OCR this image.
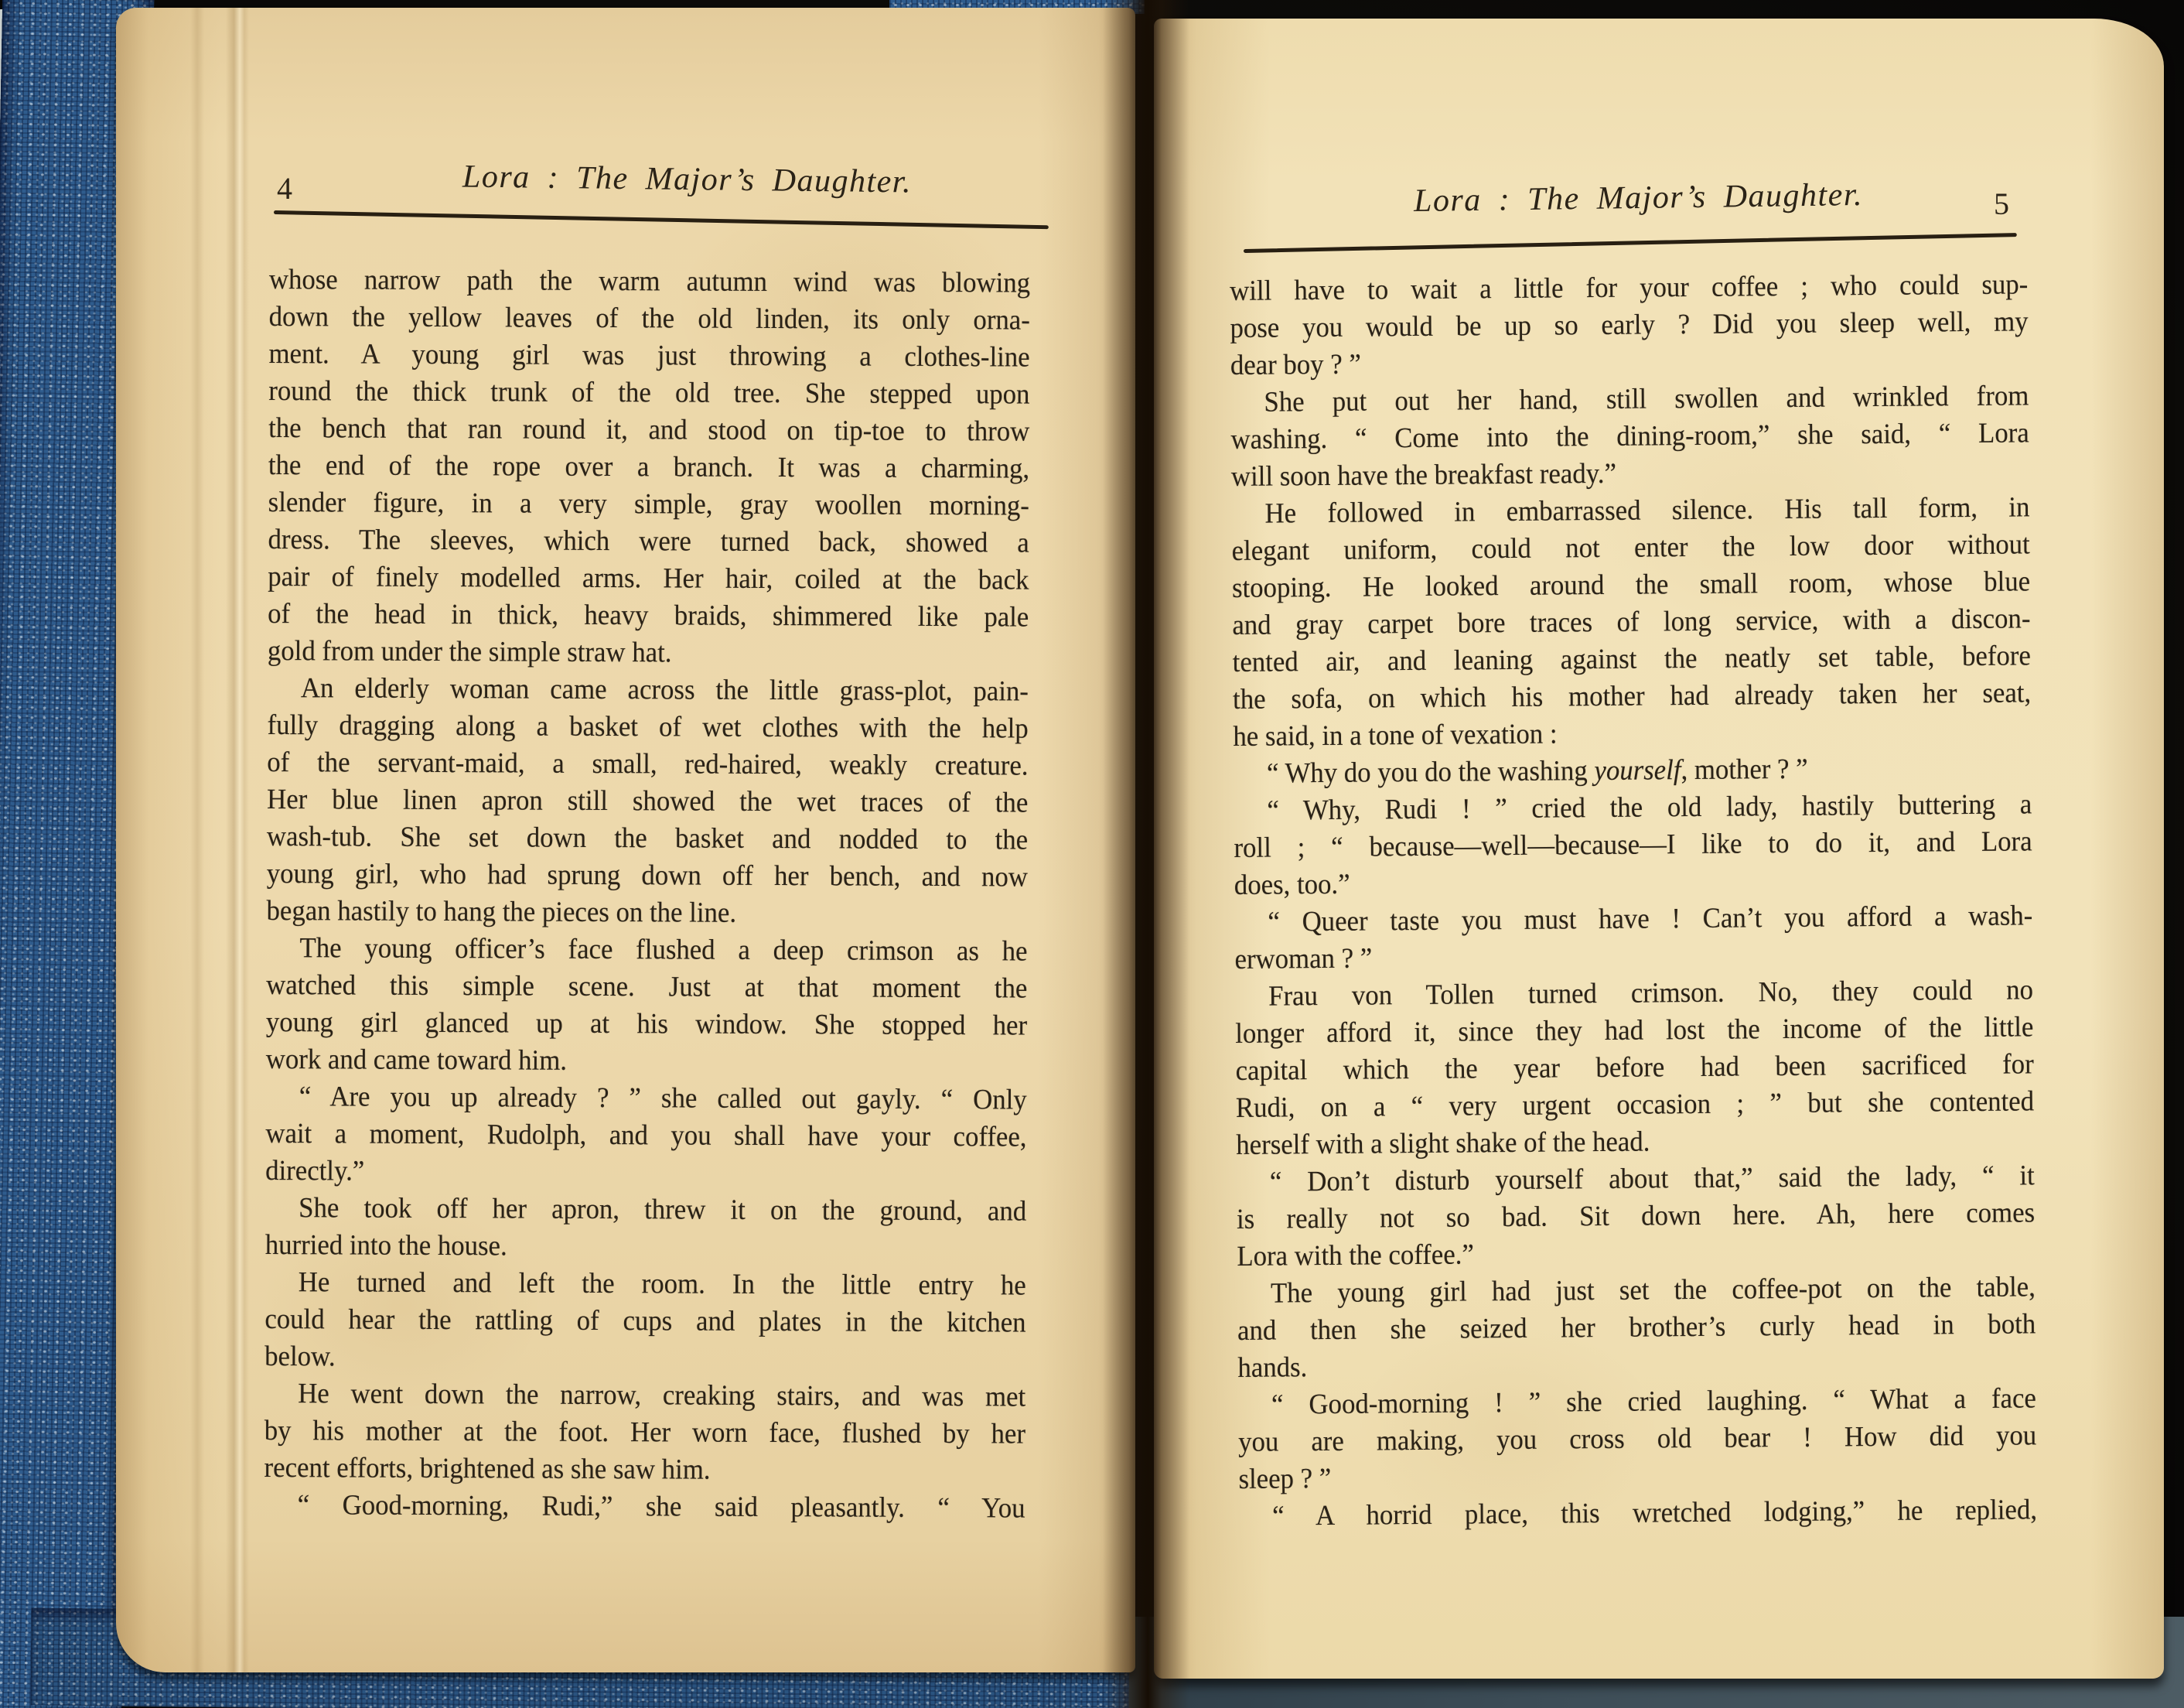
4	Lora : The Major’s Daughter.
whose narrow path the warm autumn wind was blowing
down the yellow leaves of the old linden, its only orna-
ment. A young girl was just throwing a clothes-line
round the thick trunk of the old tree. She stepped upon
the bench that ran round it, and stood on tip-toe to throw
the end of the rope over a branch. It was a charming,
slender figure, in a very simple, gray woollen morning-
dress. The sleeves, which were turned back, showed a
pair of finely modelled arms. Her hair, coiled at the back
of the head in thick, heavy braids, shimmered like pale
gold from under the simple straw hat.
An elderly woman came across the little grass-plot, pain-
fully dragging along a basket of wet clothes with the help
of the servant-maid, a small, red-haired, weakly creature.
Her blue linen apron still showed the wet traces of the
wash-tub. She set down the basket and nodded to the
young girl, who had sprung down off her bench, and now
began hastily to hang the pieces on the line.
The young officer’s face flushed a deep crimson as he
watched this simple scene. Just at that moment the
young girl glanced up at his window. She stopped her
work and came toward him.
“ Are you up already ? ” she called out gayly. “ Only
wait a moment, Rudolph, and you shall have your coffee,
directly.”
She took off her apron, threw it on the ground, and
hurried into the house.
He turned and left the room. In the little entry he
could hear the rattling of cups and plates in the kitchen
below.
He went down the narrow, creaking stairs, and was met
by his mother at the foot. Her worn face, flushed by her
recent efforts, brightened as she saw him.
“ Good-morning, Rudi,” she said pleasantly. “ You
Lora : The Major’s Daughter.	5
will have to wait a little for your coffee ; who could sup-
pose you would be up so early ? Did you sleep well, my
dear boy ? ”
She put out her hand, still swollen and wrinkled from
washing. “ Come into the dining-room,” she said, “ Lora
will soon have the breakfast ready.”
He followed in embarrassed silence. His tall form, in
elegant uniform, could not enter the low door without
stooping. He looked around the small room, whose blue
and gray carpet bore traces of long service, with a discon-
tented air, and leaning against the neatly set table, before
the sofa, on which his mother had already taken her seat,
he said, in a tone of vexation :
“ Why do you do the washing yourself, mother ? ”
“ Why, Rudi ! ” cried the old lady, hastily buttering a
roll ; “ because—well—because—I like to do it, and Lora
does, too.”
“ Queer taste you must have ! Can’t you afford a wash-
erwoman ? ”
Frau von Tollen turned crimson. No, they could no
longer afford it, since they had lost the income of the little
capital which the year before had been sacrificed for
Rudi, on a “ very urgent occasion ; ” but she contented
herself with a slight shake of the head.
“ Don’t disturb yourself about that,” said the lady, “ it
is really not so bad. Sit down here. Ah, here comes
Lora with the coffee.”
The young girl had just set the coffee-pot on the table,
and then she seized her brother’s curly head in both
hands.
“ Good-morning ! ” she cried laughing. “ What a face
you are making, you cross old bear ! How did you
sleep ? ”
“ A horrid place, this wretched lodging,” he replied,
